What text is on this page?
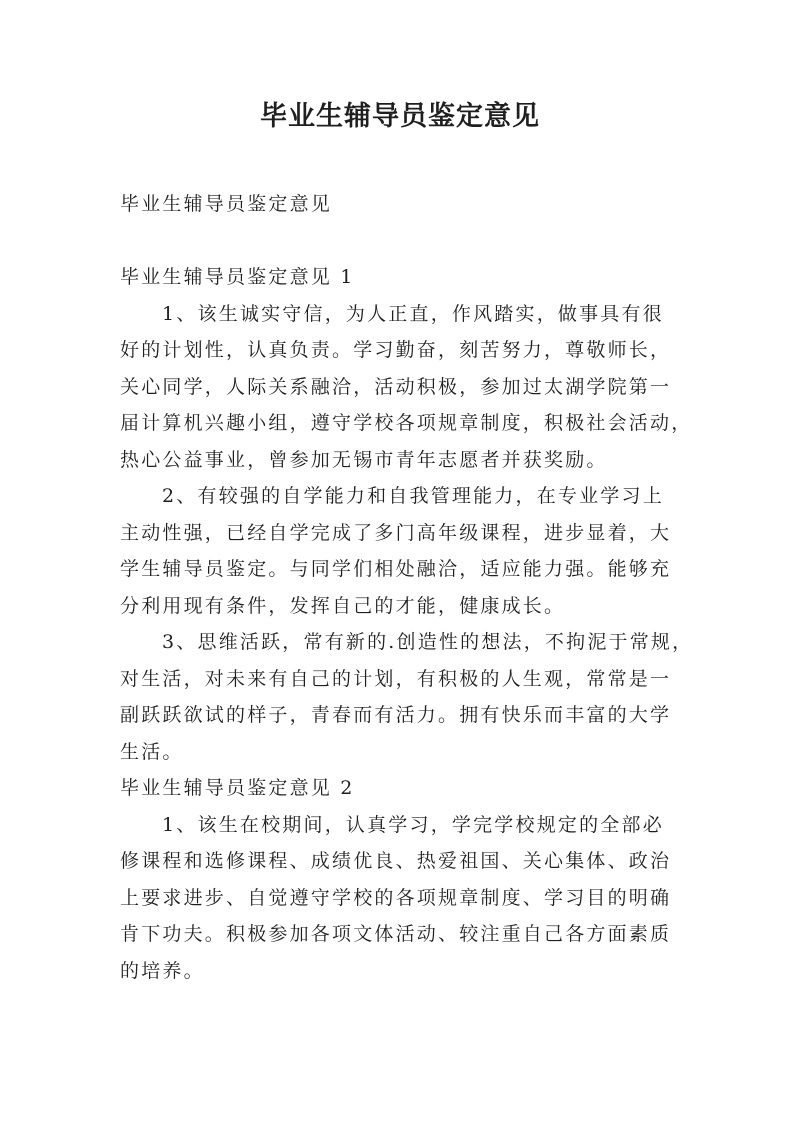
毕业生辅导员鉴定意见
毕业生辅导员鉴定意见
毕业生辅导员鉴定意见 1
1、该生诚实守信，为人正直，作风踏实，做事具有很
好的计划性，认真负责。学习勤奋，刻苦努力，尊敬师长，
关心同学，人际关系融洽，活动积极，参加过太湖学院第一
届计算机兴趣小组，遵守学校各项规章制度，积极社会活动，
热心公益事业，曾参加无锡市青年志愿者并获奖励。
2、有较强的自学能力和自我管理能力，在专业学习上
主动性强，已经自学完成了多门高年级课程，进步显着，大
学生辅导员鉴定。与同学们相处融洽，适应能力强。能够充
分利用现有条件，发挥自己的才能，健康成长。
3、思维活跃，常有新的.创造性的想法，不拘泥于常规，
对生活，对未来有自己的计划，有积极的人生观，常常是一
副跃跃欲试的样子，青春而有活力。拥有快乐而丰富的大学
生活。
毕业生辅导员鉴定意见 2
1、该生在校期间，认真学习，学完学校规定的全部必
修课程和选修课程、成绩优良、热爱祖国、关心集体、政治
上要求进步、自觉遵守学校的各项规章制度、学习目的明确
肯下功夫。积极参加各项文体活动、较注重自己各方面素质
的培养。
